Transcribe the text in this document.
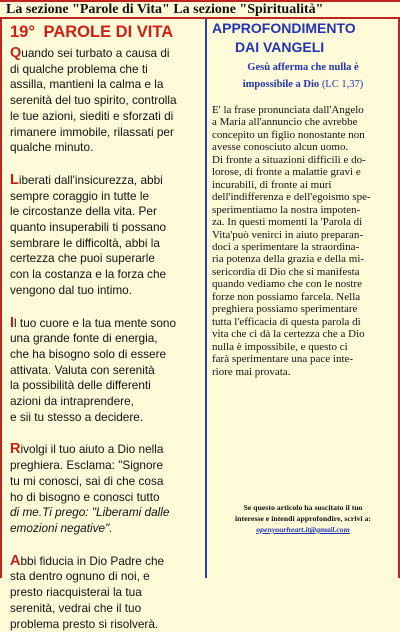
La sezione "Parole di Vita" La sezione "Spiritualità"
19° PAROLE DI VITA
Quando sei turbato a causa di
di qualche problema che ti
assilla, mantieni la calma e la
serenità del tuo spirito, controlla
le tue azioni, siediti e sforzati di
rimanere immobile, rilassati per
qualche minuto.
Liberati dall'insicurezza, abbi
sempre coraggio in tutte le
le circostanze della vita. Per
quanto insuperabili ti possano
sembrare le difficoltà, abbi la
certezza che puoi superarle
con la costanza e la forza che
vengono dal tuo intimo.
Il tuo cuore e la tua mente sono
una grande fonte di energia,
che ha bisogno solo di essere
attivata. Valuta con serenità
la possibilità delle differenti
azioni da intraprendere,
e sii tu stesso a decidere.
Rivolgi il tuo aiuto a Dio nella
preghiera. Esclama: "Signore
tu mi conosci, sai di che cosa
ho di bisogno e conosci tutto
di me.Ti prego: "Liberami dalle
emozioni negative".
Abbi fiducia in Dio Padre che
sta dentro ognuno di noi, e
presto riacquisterai la tua
serenità, vedrai che il tuo
problema presto si risolverà.
APPROFONDIMENTO
DAI VANGELI
Gesù afferma che nulla è
impossibile a Dio (LC 1,37)
E' la frase pronunciata dall'Angelo
a Maria all'annuncio che avrebbe
concepito un figlio nonostante non
avesse conosciuto alcun uomo.
Di fronte a situazioni difficili e do-
lorose, di fronte a malattie gravi e
incurabili, di fronte ai muri
dell'indifferenza e dell'egoismo spe-
sperimentiamo la nostra impoten-
za. In questi momenti la 'Parola di
Vita'può venirci in aiuto preparan-
doci a sperimentare la straordina-
ria potenza della grazia e della mi-
sericordia di Dio che si manifesta
quando vediamo che con le nostre
forze non possiamo farcela. Nella
preghiera possiamo sperimentare
tutta l'efficacia di questa parola di
vita che ci dà la certezza che a Dio
nulla è impossibile, e questo ci
farà sperimentare una pace inte-
riore mai provata.
Se questo articolo ha suscitato il tuo
interesse e intendi approfondire, scrivi a:
openyourheart.it@gmail.com
